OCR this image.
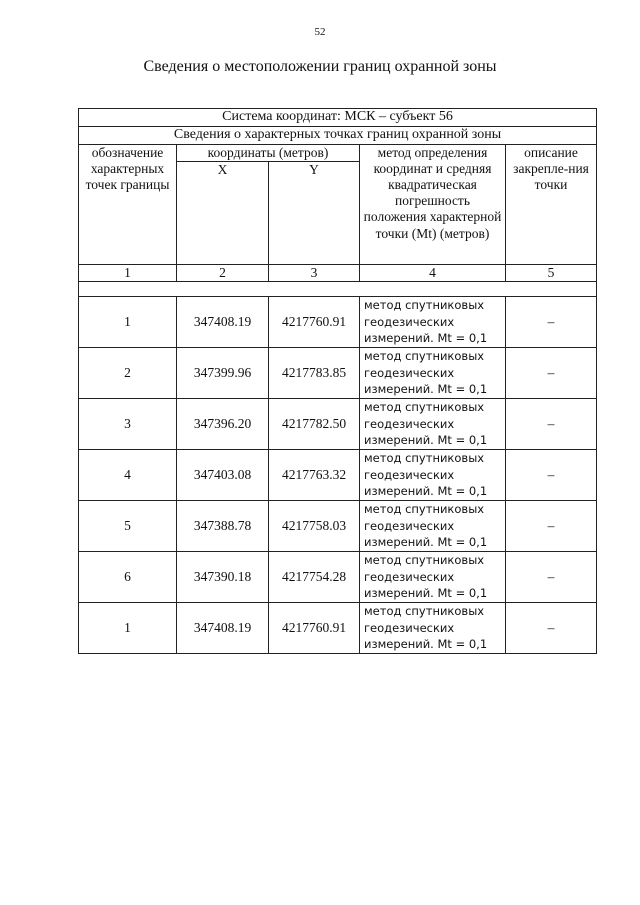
52
Сведения о местоположении границ охранной зоны
Система координат: МСК – субъект 56				
Сведения о характерных точках границ охранной зоны				
обозначение характерных точек границы	координаты (метров)		метод определения координат и средняя квадратическая погрешность положения характерной точки (Mt) (метров)	описание закрепле-ния точки
	X	Y		
1	2	3	4	5

1	347408.19	4217760.91	метод спутниковых геодезических измерений. Mt = 0,1	–
2	347399.96	4217783.85	метод спутниковых геодезических измерений. Mt = 0,1	–
3	347396.20	4217782.50	метод спутниковых геодезических измерений. Mt = 0,1	–
4	347403.08	4217763.32	метод спутниковых геодезических измерений. Mt = 0,1	–
5	347388.78	4217758.03	метод спутниковых геодезических измерений. Mt = 0,1	–
6	347390.18	4217754.28	метод спутниковых геодезических измерений. Mt = 0,1	–
1	347408.19	4217760.91	метод спутниковых геодезических измерений. Mt = 0,1	–
